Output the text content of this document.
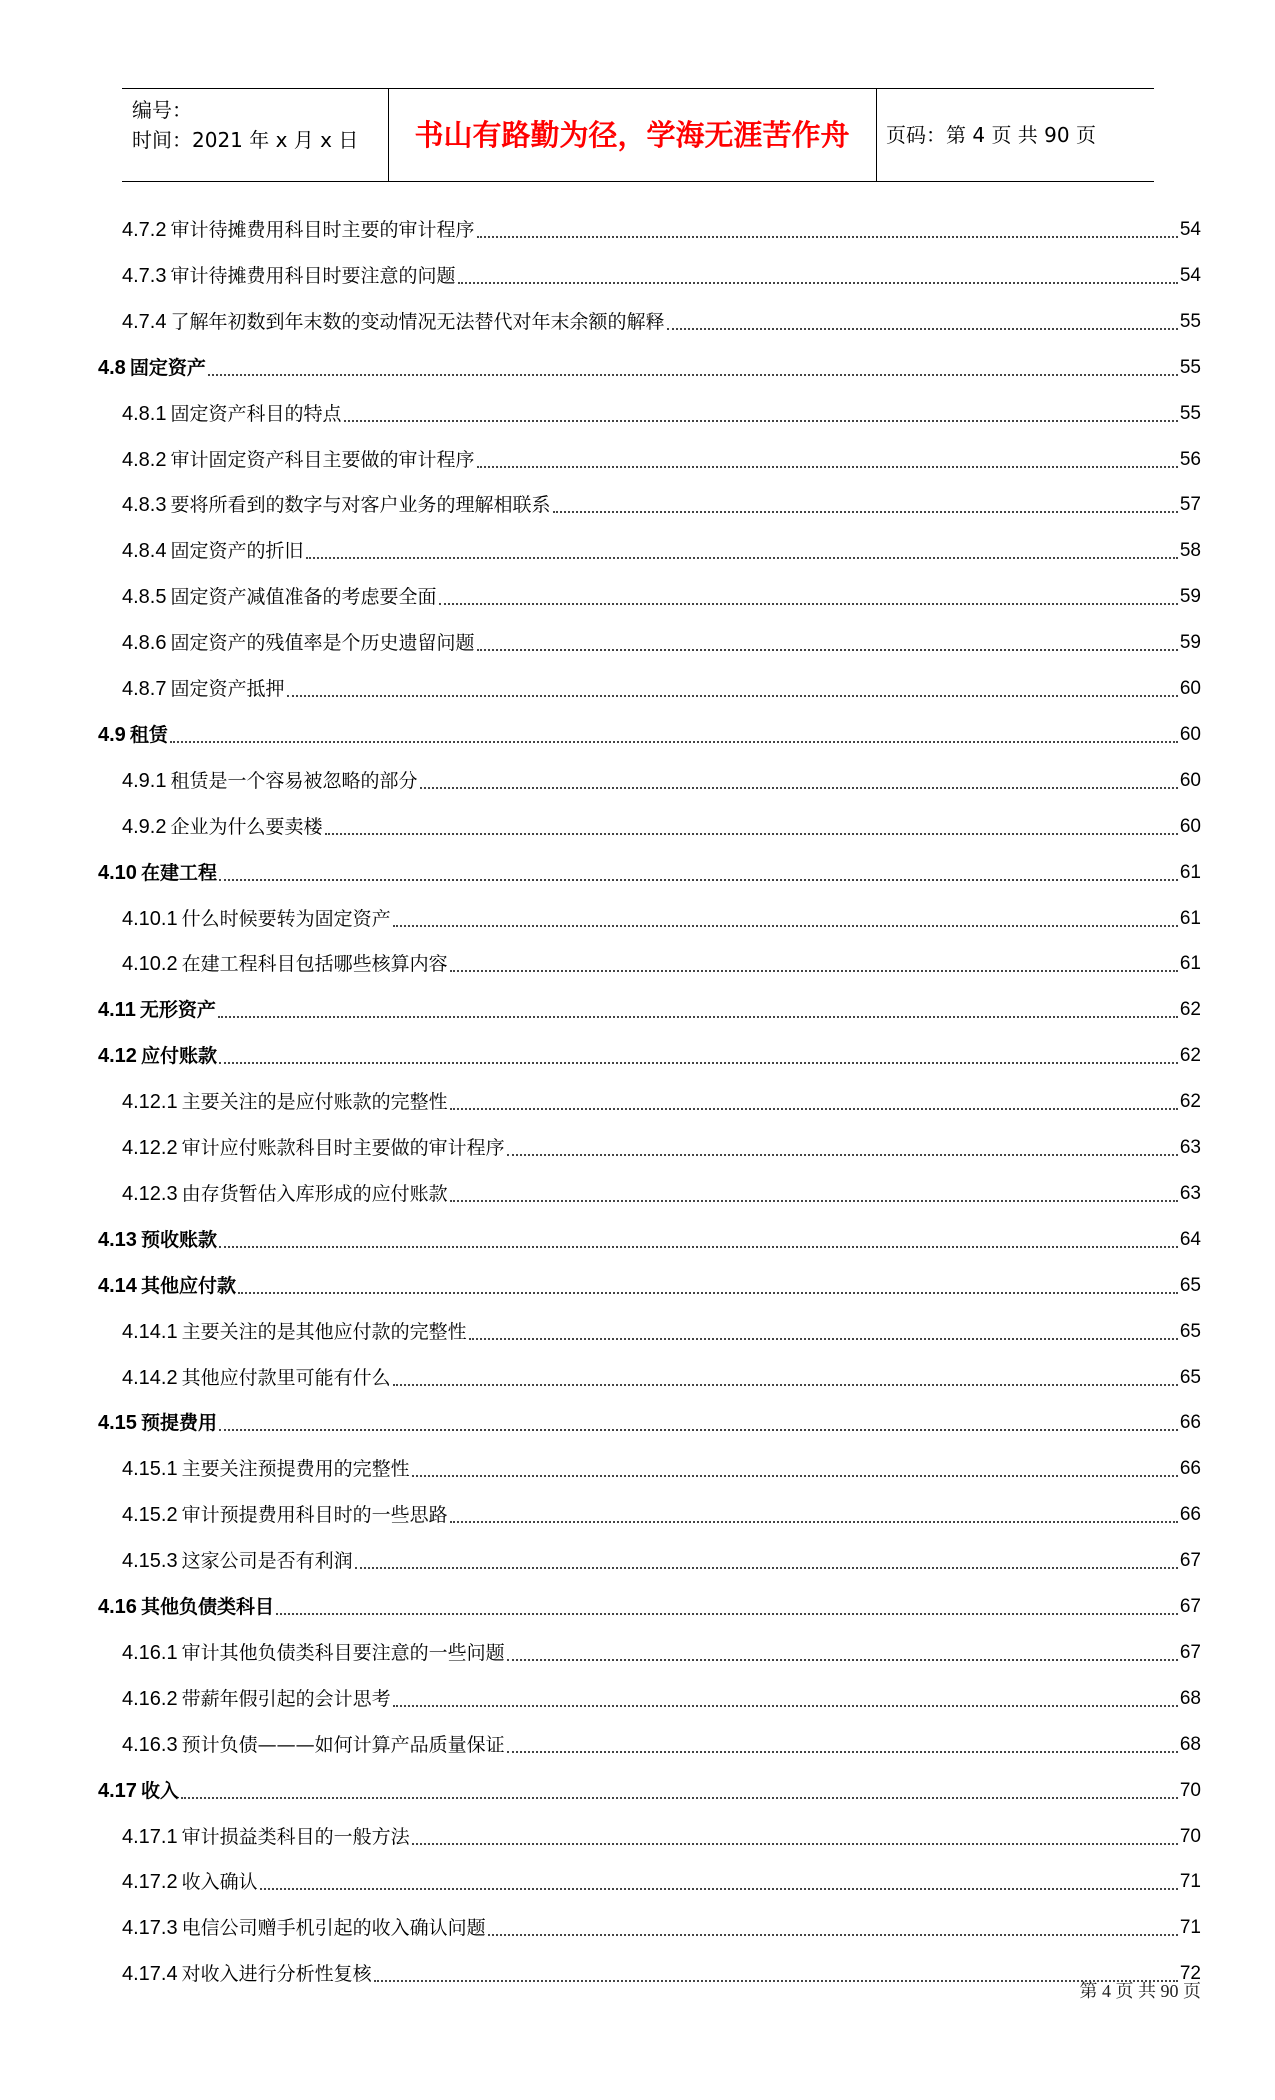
编号：
时间：2021 年 x 月 x 日	书山有路勤为径，学海无涯苦作舟	页码：第 4 页 共 90 页
4.7.2 审计待摊费用科目时主要的审计程序	54
4.7.3 审计待摊费用科目时要注意的问题	54
4.7.4 了解年初数到年末数的变动情况无法替代对年末余额的解释	55
4.8 固定资产	55
4.8.1 固定资产科目的特点	55
4.8.2 审计固定资产科目主要做的审计程序	56
4.8.3 要将所看到的数字与对客户业务的理解相联系	57
4.8.4 固定资产的折旧	58
4.8.5 固定资产减值准备的考虑要全面	59
4.8.6 固定资产的残值率是个历史遗留问题	59
4.8.7 固定资产抵押	60
4.9 租赁	60
4.9.1 租赁是一个容易被忽略的部分	60
4.9.2 企业为什么要卖楼	60
4.10 在建工程	61
4.10.1 什么时候要转为固定资产	61
4.10.2 在建工程科目包括哪些核算内容	61
4.11 无形资产	62
4.12 应付账款	62
4.12.1 主要关注的是应付账款的完整性	62
4.12.2 审计应付账款科目时主要做的审计程序	63
4.12.3 由存货暂估入库形成的应付账款	63
4.13 预收账款	64
4.14 其他应付款	65
4.14.1 主要关注的是其他应付款的完整性	65
4.14.2 其他应付款里可能有什么	65
4.15 预提费用	66
4.15.1 主要关注预提费用的完整性	66
4.15.2 审计预提费用科目时的一些思路	66
4.15.3 这家公司是否有利润	67
4.16 其他负债类科目	67
4.16.1 审计其他负债类科目要注意的一些问题	67
4.16.2 带薪年假引起的会计思考	68
4.16.3 预计负债———如何计算产品质量保证	68
4.17 收入	70
4.17.1 审计损益类科目的一般方法	70
4.17.2 收入确认	71
4.17.3 电信公司赠手机引起的收入确认问题	71
4.17.4 对收入进行分析性复核	72
第 4 页 共 90 页
